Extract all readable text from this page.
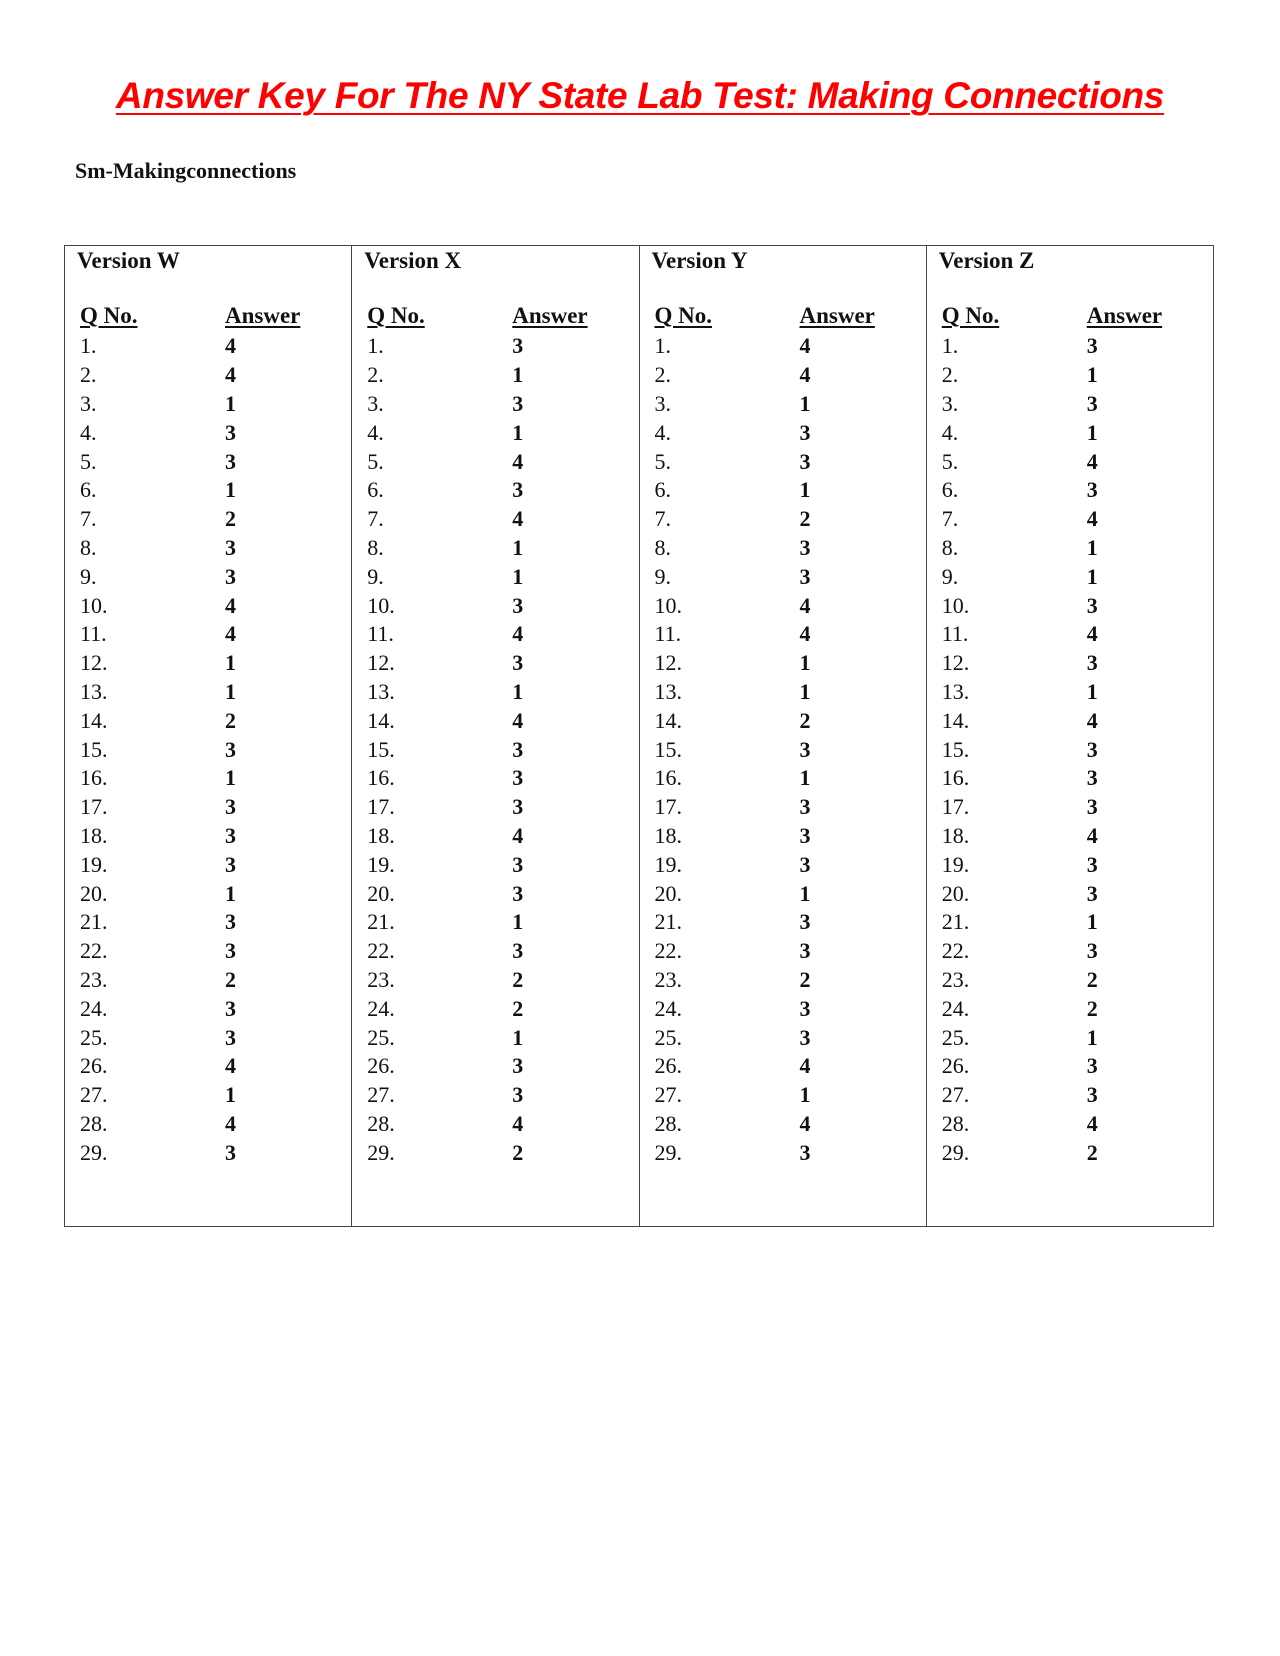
Answer Key For The NY State Lab Test: Making Connections
Sm-Makingconnections
Version W
Q No.	Answer
1.	4
2.	4
3.	1
4.	3
5.	3
6.	1
7.	2
8.	3
9.	3
10.	4
11.	4
12.	1
13.	1
14.	2
15.	3
16.	1
17.	3
18.	3
19.	3
20.	1
21.	3
22.	3
23.	2
24.	3
25.	3
26.	4
27.	1
28.	4
29.	3
Version X
Q No.	Answer
1.	3
2.	1
3.	3
4.	1
5.	4
6.	3
7.	4
8.	1
9.	1
10.	3
11.	4
12.	3
13.	1
14.	4
15.	3
16.	3
17.	3
18.	4
19.	3
20.	3
21.	1
22.	3
23.	2
24.	2
25.	1
26.	3
27.	3
28.	4
29.	2
Version Y
Q No.	Answer
1.	4
2.	4
3.	1
4.	3
5.	3
6.	1
7.	2
8.	3
9.	3
10.	4
11.	4
12.	1
13.	1
14.	2
15.	3
16.	1
17.	3
18.	3
19.	3
20.	1
21.	3
22.	3
23.	2
24.	3
25.	3
26.	4
27.	1
28.	4
29.	3
Version Z
Q No.	Answer
1.	3
2.	1
3.	3
4.	1
5.	4
6.	3
7.	4
8.	1
9.	1
10.	3
11.	4
12.	3
13.	1
14.	4
15.	3
16.	3
17.	3
18.	4
19.	3
20.	3
21.	1
22.	3
23.	2
24.	2
25.	1
26.	3
27.	3
28.	4
29.	2
